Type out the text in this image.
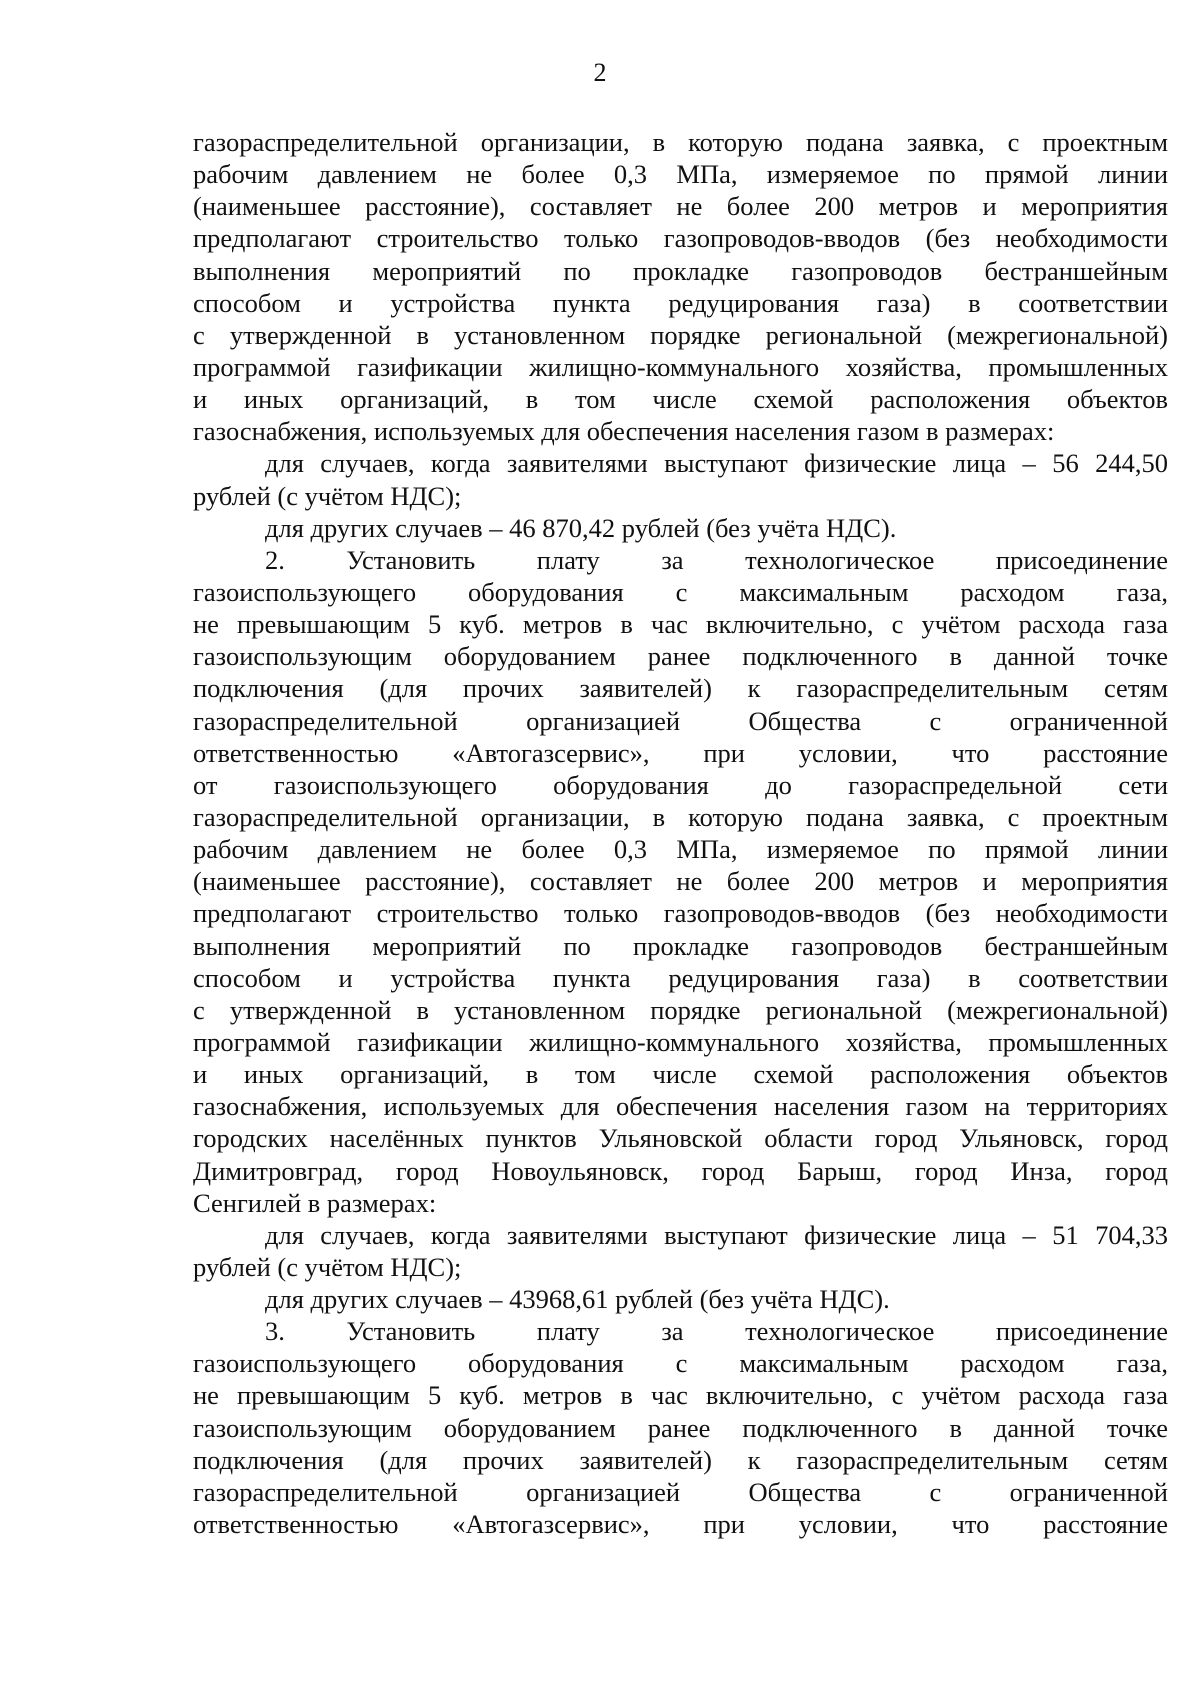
2
газораспределительной организации, в которую подана заявка, с проектным
рабочим давлением не более 0,3 МПа, измеряемое по прямой линии
(наименьшее расстояние), составляет не более 200 метров и мероприятия
предполагают строительство только газопроводов-вводов (без необходимости
выполнения мероприятий по прокладке газопроводов бестраншейным
способом и устройства пункта редуцирования газа) в соответствии
с утвержденной в установленном порядке региональной (межрегиональной)
программой газификации жилищно-коммунального хозяйства, промышленных
и иных организаций, в том числе схемой расположения объектов
газоснабжения, используемых для обеспечения населения газом в размерах:
для случаев, когда заявителями выступают физические лица – 56 244,50
рублей (с учётом НДС);
для других случаев – 46 870,42 рублей (без учёта НДС).
2. Установить плату за технологическое присоединение
газоиспользующего оборудования с максимальным расходом газа,
не превышающим 5 куб. метров в час включительно, с учётом расхода газа
газоиспользующим оборудованием ранее подключенного в данной точке
подключения (для прочих заявителей) к газораспределительным сетям
газораспределительной организацией Общества с ограниченной
ответственностью «Автогазсервис», при условии, что расстояние
от газоиспользующего оборудования до газораспредельной сети
газораспределительной организации, в которую подана заявка, с проектным
рабочим давлением не более 0,3 МПа, измеряемое по прямой линии
(наименьшее расстояние), составляет не более 200 метров и мероприятия
предполагают строительство только газопроводов-вводов (без необходимости
выполнения мероприятий по прокладке газопроводов бестраншейным
способом и устройства пункта редуцирования газа) в соответствии
с утвержденной в установленном порядке региональной (межрегиональной)
программой газификации жилищно-коммунального хозяйства, промышленных
и иных организаций, в том числе схемой расположения объектов
газоснабжения, используемых для обеспечения населения газом на территориях
городских населённых пунктов Ульяновской области город Ульяновск, город
Димитровград, город Новоульяновск, город Барыш, город Инза, город
Сенгилей в размерах:
для случаев, когда заявителями выступают физические лица – 51 704,33
рублей (с учётом НДС);
для других случаев – 43968,61 рублей (без учёта НДС).
3. Установить плату за технологическое присоединение
газоиспользующего оборудования с максимальным расходом газа,
не превышающим 5 куб. метров в час включительно, с учётом расхода газа
газоиспользующим оборудованием ранее подключенного в данной точке
подключения (для прочих заявителей) к газораспределительным сетям
газораспределительной организацией Общества с ограниченной
ответственностью «Автогазсервис», при условии, что расстояние
